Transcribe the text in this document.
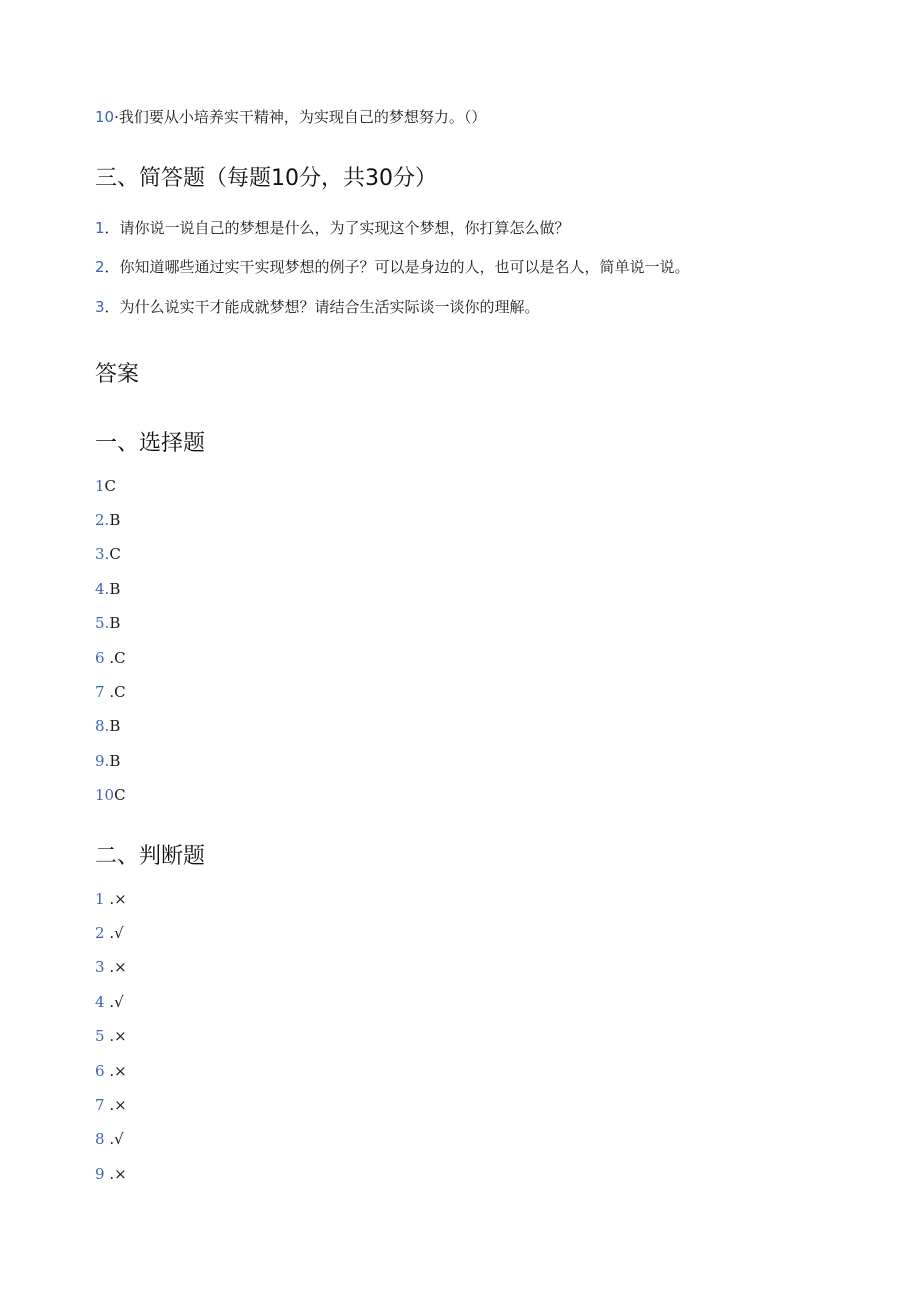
10·我们要从小培养实干精神，为实现自己的梦想努力。（）
三、简答题（每题10分，共30分）
1．请你说一说自己的梦想是什么，为了实现这个梦想，你打算怎么做？
2．你知道哪些通过实干实现梦想的例子？可以是身边的人，也可以是名人，简单说一说。
3．为什么说实干才能成就梦想？请结合生活实际谈一谈你的理解。
答案
一、选择题
1C
2.B
3.C
4.B
5.B
6 .C
7 .C
8.B
9.B
10C
二、判断题
1 .×
2 .√
3 .×
4 .√
5 .×
6 .×
7 .×
8 .√
9 .×
